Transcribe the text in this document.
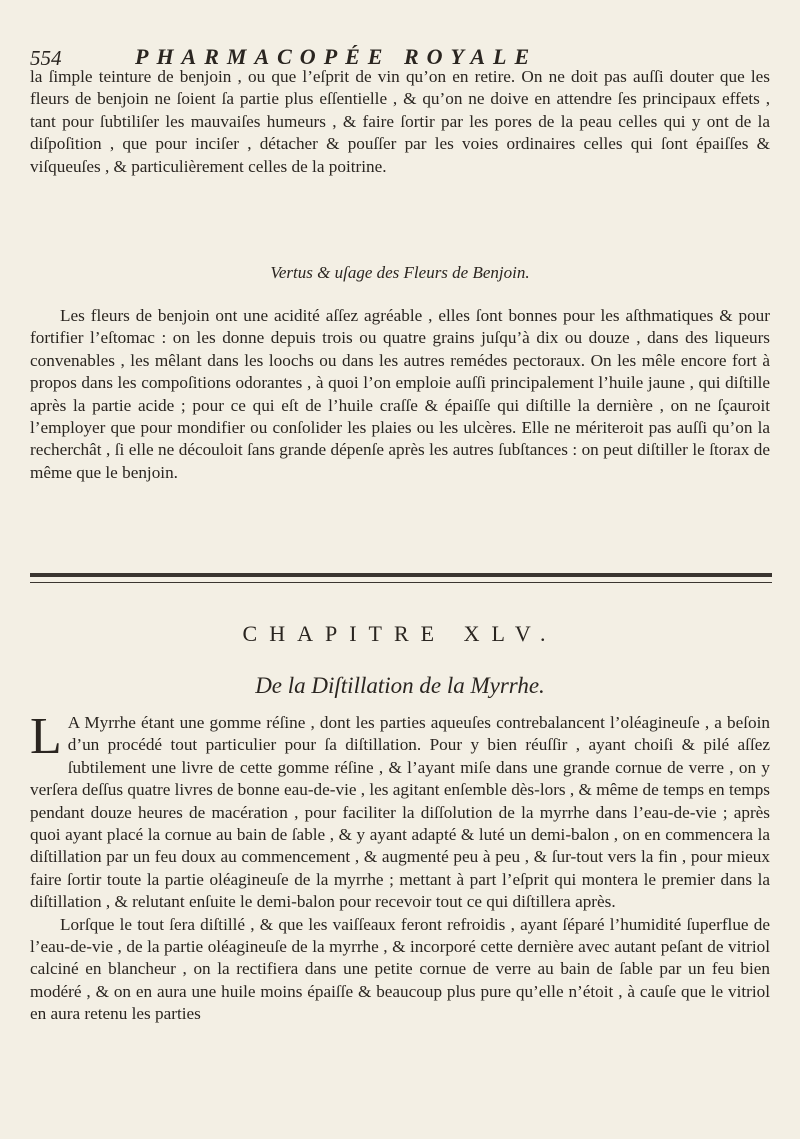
554	PHARMACOPÉE ROYALE

la ſimple teinture de benjoin , ou que l’eſprit de vin qu’on en retire. On ne doit pas auſſi douter que les fleurs de benjoin ne ſoient ſa partie plus eſſentielle , & qu’on ne doive en attendre ſes principaux effets , tant pour ſubtiliſer les mauvaiſes humeurs , & faire ſortir par les pores de la peau celles qui y ont de la diſpoſition , que pour inciſer , détacher & pouſſer par les voies ordinaires celles qui ſont épaiſſes & viſqueuſes , & particulièrement celles de la poitrine.

Vertus & uſage des Fleurs de Benjoin.
Les fleurs de benjoin ont une acidité aſſez agréable , elles ſont bonnes pour les aſthmatiques & pour fortifier l’eſtomac : on les donne depuis trois ou quatre grains juſqu’à dix ou douze , dans des liqueurs convenables , les mêlant dans les loochs ou dans les autres remédes pectoraux. On les mêle encore fort à propos dans les compoſitions odorantes , à quoi l’on emploie auſſi principalement l’huile jaune , qui diſtille après la partie acide ; pour ce qui eſt de l’huile craſſe & épaiſſe qui diſtille la dernière , on ne ſçauroit l’employer que pour mondifier ou conſolider les plaies ou les ulcères. Elle ne mériteroit pas auſſi qu’on la recherchât , ſi elle ne découloit ſans grande dépenſe après les autres ſubſtances : on peut diſtiller le ſtorax de même que le benjoin.
CHAPITRE XLV.
De la Diſtillation de la Myrrhe.

L A Myrrhe étant une gomme réſine , dont les parties aqueuſes contrebalancent l’oléagineuſe , a beſoin d’un procédé tout particulier pour ſa diſtillation. Pour y bien réuſſir , ayant choiſi & pilé aſſez ſubtilement une livre de cette gomme réſine , & l’ayant miſe dans une grande cornue de verre , on y verſera deſſus quatre livres de bonne eau-de-vie , les agitant enſemble dès-lors , & même de temps en temps pendant douze heures de macération , pour faciliter la diſſolution de la myrrhe dans l’eau-de-vie ; après quoi ayant placé la cornue au bain de ſable , & y ayant adapté & luté un demi-balon , on en commencera la diſtillation par un feu doux au commencement , & augmenté peu à peu , & ſur-tout vers la fin , pour mieux faire ſortir toute la partie oléagineuſe de la myrrhe ; mettant à part l’eſprit qui montera le premier dans la diſtillation , & relutant enſuite le demi-balon pour recevoir tout ce qui diſtillera après.

Lorſque le tout ſera diſtillé , & que les vaiſſeaux feront refroidis , ayant ſéparé l’humidité ſuperflue de l’eau-de-vie , de la partie oléagineuſe de la myrrhe , & incorporé cette dernière avec autant peſant de vitriol calciné en blancheur , on la rectifiera dans une petite cornue de verre au bain de ſable par un feu bien modéré , & on en aura une huile moins épaiſſe & beaucoup plus pure qu’elle n’étoit , à cauſe que le vitriol en aura retenu les parties
